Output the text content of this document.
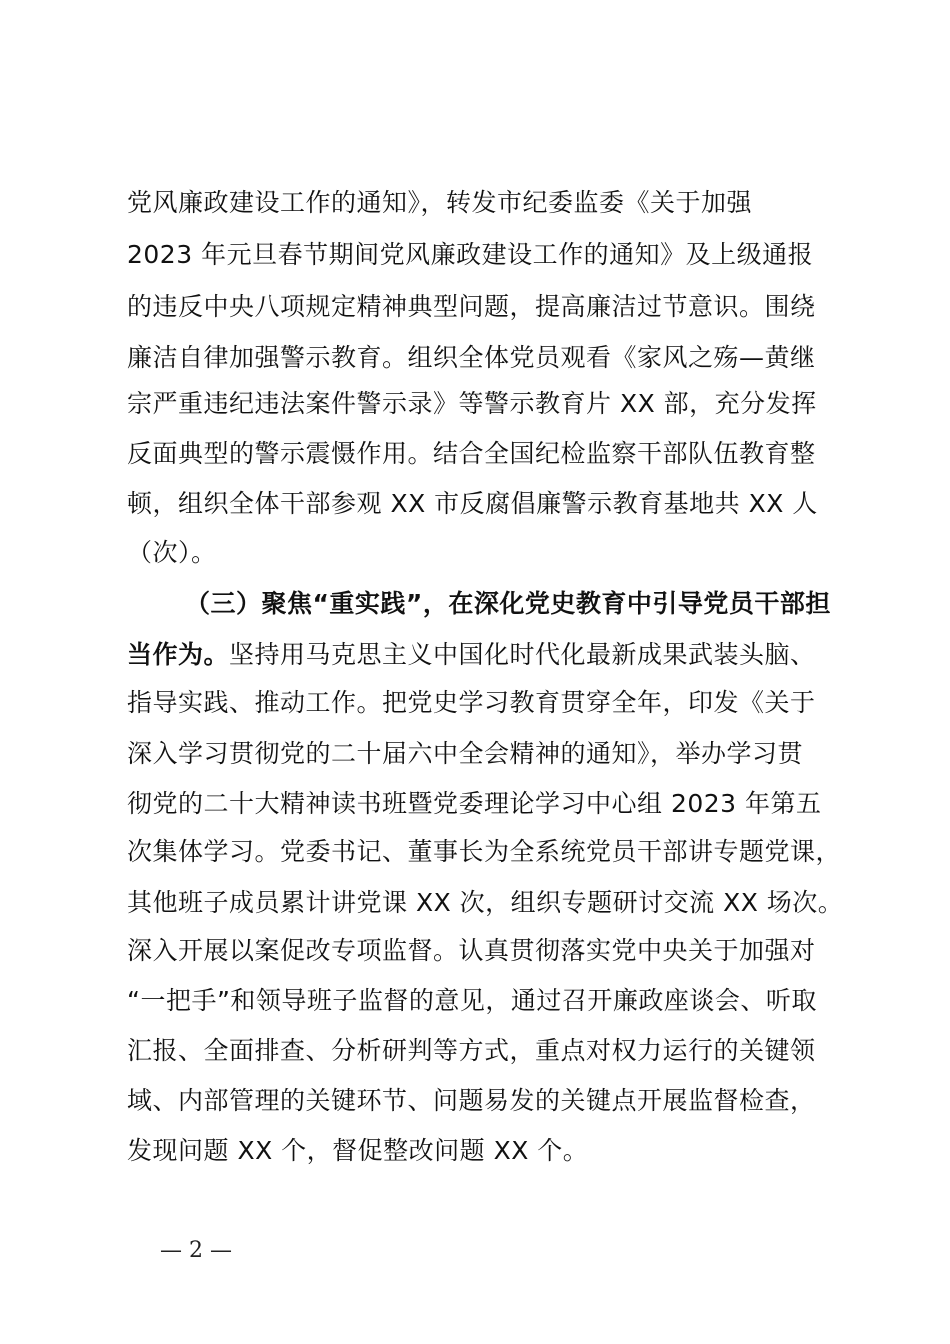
党风廉政建设工作的通知》，转发市纪委监委《关于加强
2023 年元旦春节期间党风廉政建设工作的通知》及上级通报
的违反中央八项规定精神典型问题，提高廉洁过节意识。围绕
廉洁自律加强警示教育。组织全体党员观看《家风之殇—黄继
宗严重违纪违法案件警示录》等警示教育片 XX 部，充分发挥
反面典型的警示震慑作用。结合全国纪检监察干部队伍教育整
顿，组织全体干部参观 XX 市反腐倡廉警示教育基地共 XX 人
（次）。
（三）聚焦“重实践”，在深化党史教育中引导党员干部担
当作为。坚持用马克思主义中国化时代化最新成果武装头脑、
指导实践、推动工作。把党史学习教育贯穿全年，印发《关于
深入学习贯彻党的二十届六中全会精神的通知》，举办学习贯
彻党的二十大精神读书班暨党委理论学习中心组 2023 年第五
次集体学习。党委书记、董事长为全系统党员干部讲专题党课，
其他班子成员累计讲党课 XX 次，组织专题研讨交流 XX 场次。
深入开展以案促改专项监督。认真贯彻落实党中央关于加强对
“一把手”和领导班子监督的意见，通过召开廉政座谈会、听取
汇报、全面排查、分析研判等方式，重点对权力运行的关键领
域、内部管理的关键环节、问题易发的关键点开展监督检查，
发现问题 XX 个，督促整改问题 XX 个。
— 2 —
